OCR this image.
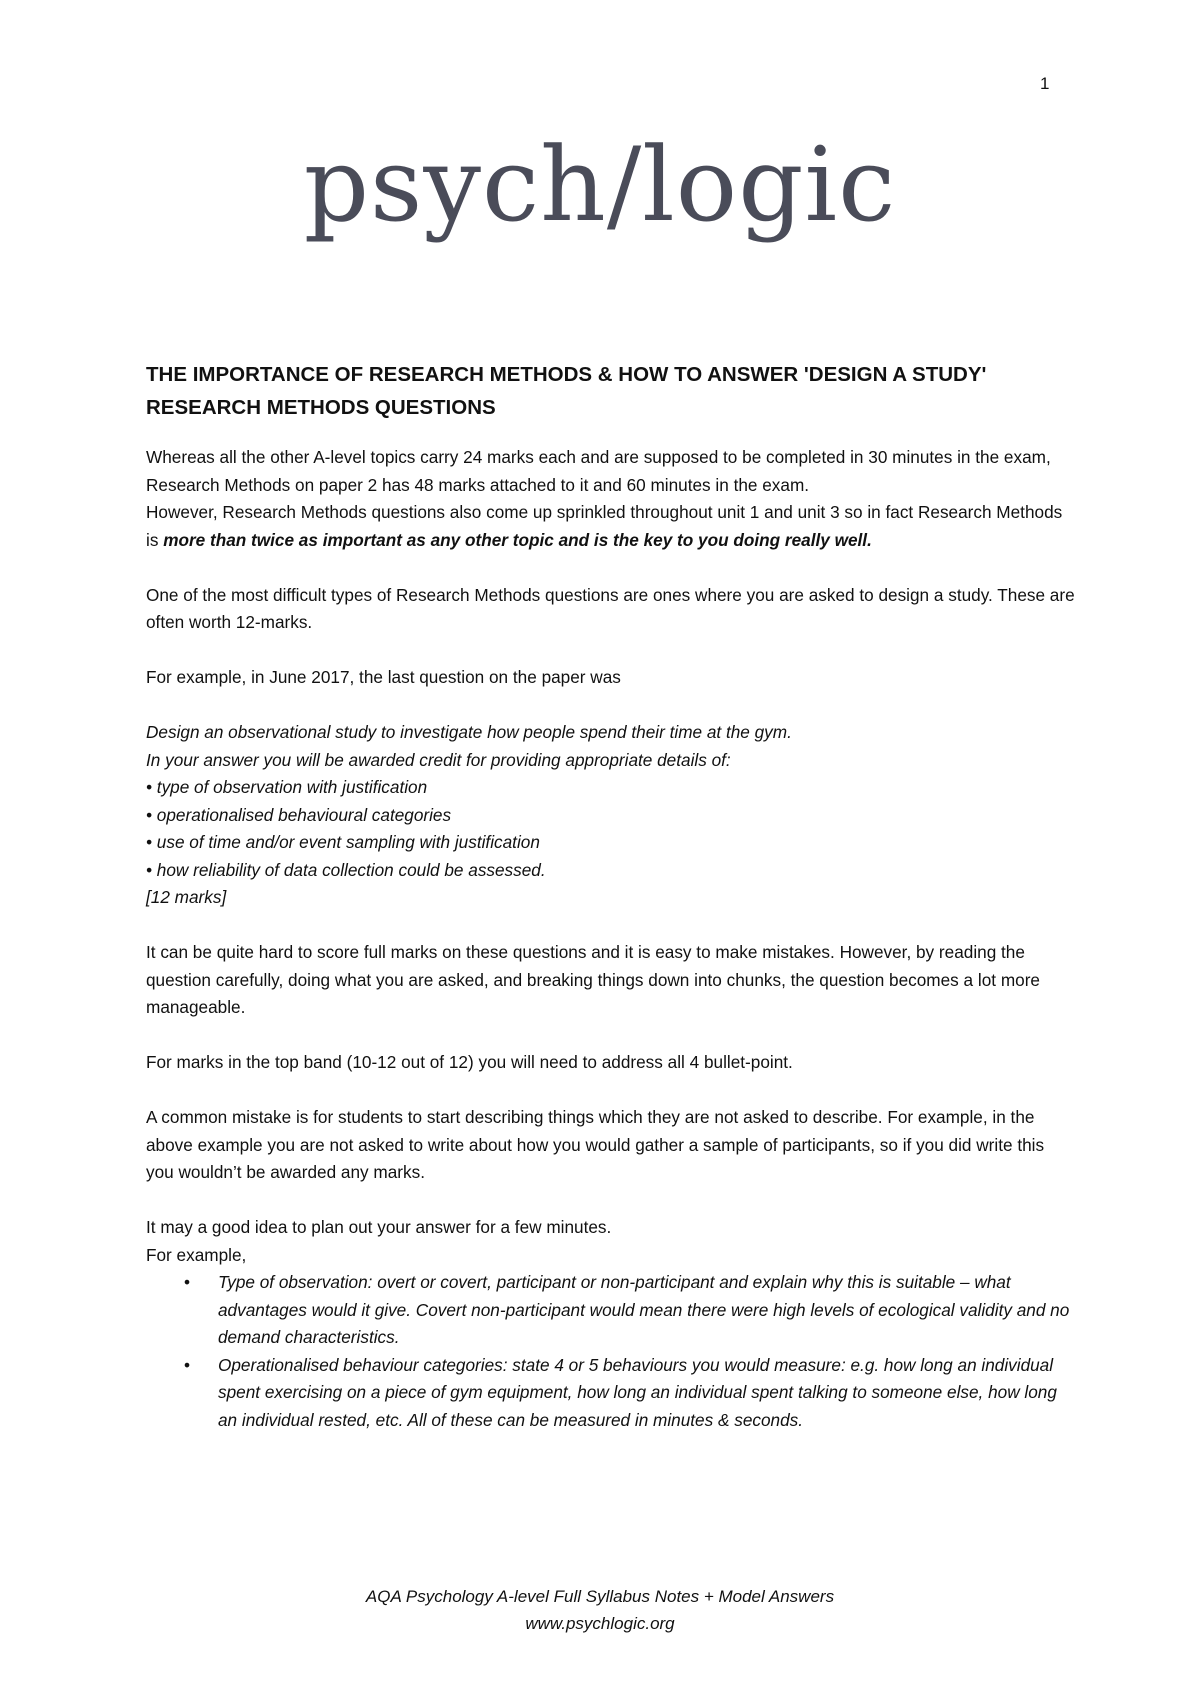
1
psych/logic
THE IMPORTANCE OF RESEARCH METHODS & HOW TO ANSWER 'DESIGN A STUDY' RESEARCH METHODS QUESTIONS

Whereas all the other A-level topics carry 24 marks each and are supposed to be completed in 30 minutes in the exam, Research Methods on paper 2 has 48 marks attached to it and 60 minutes in the exam.

However, Research Methods questions also come up sprinkled throughout unit 1 and unit 3 so in fact Research Methods is more than twice as important as any other topic and is the key to you doing really well.

One of the most difficult types of Research Methods questions are ones where you are asked to design a study. These are often worth 12-marks.

For example, in June 2017, the last question on the paper was

Design an observational study to investigate how people spend their time at the gym.

In your answer you will be awarded credit for providing appropriate details of:

• type of observation with justification

• operationalised behavioural categories

• use of time and/or event sampling with justification

• how reliability of data collection could be assessed.

[12 marks]

It can be quite hard to score full marks on these questions and it is easy to make mistakes. However, by reading the question carefully, doing what you are asked, and breaking things down into chunks, the question becomes a lot more manageable.

For marks in the top band (10-12 out of 12) you will need to address all 4 bullet-point.

A common mistake is for students to start describing things which they are not asked to describe. For example, in the above example you are not asked to write about how you would gather a sample of participants, so if you did write this you wouldn’t be awarded any marks.

It may a good idea to plan out your answer for a few minutes.

For example,

• Type of observation: overt or covert, participant or non-participant and explain why this is suitable – what advantages would it give. Covert non-participant would mean there were high levels of ecological validity and no demand characteristics.
• Operationalised behaviour categories: state 4 or 5 behaviours you would measure: e.g. how long an individual spent exercising on a piece of gym equipment, how long an individual spent talking to someone else, how long an individual rested, etc. All of these can be measured in minutes & seconds.
AQA Psychology A-level Full Syllabus Notes + Model Answers
www.psychlogic.org
